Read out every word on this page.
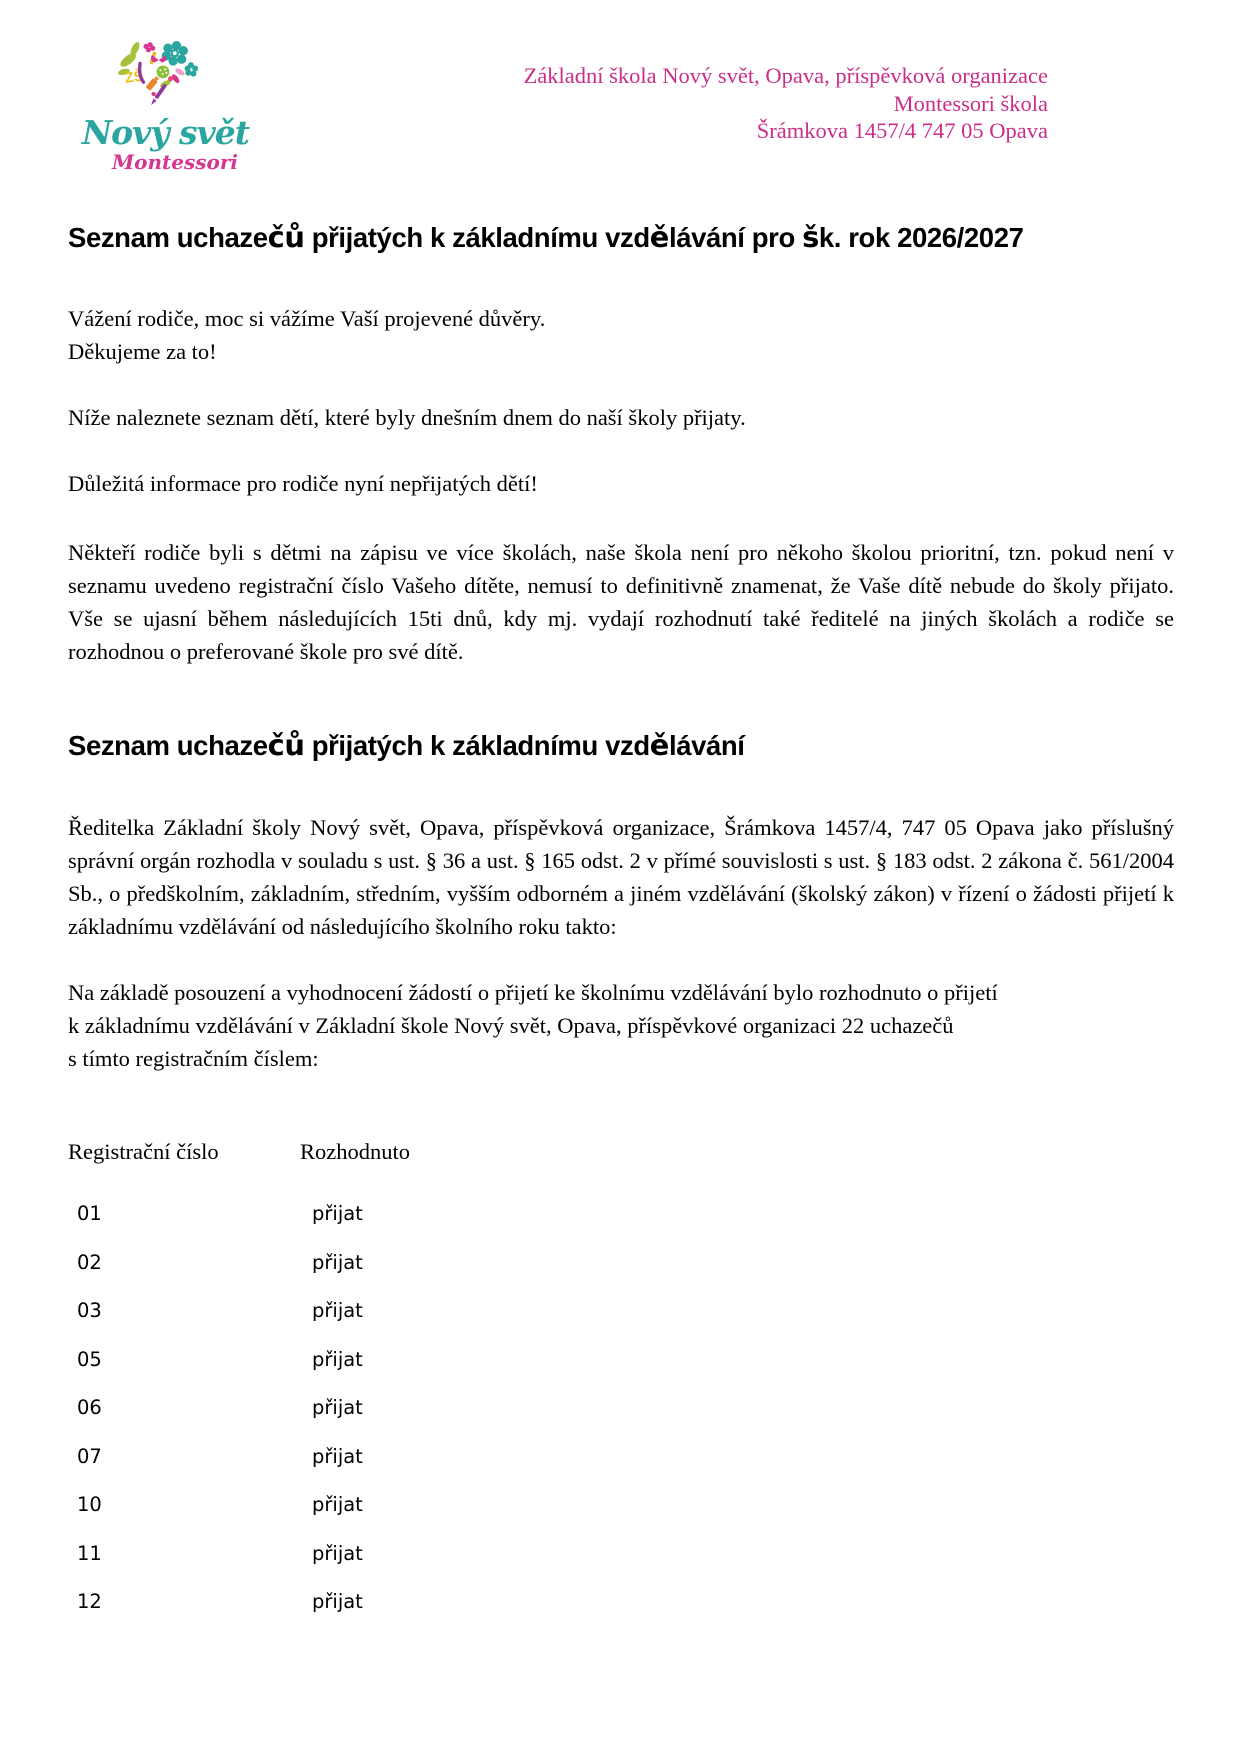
ZŠ
Nový svět
Montessori
Základní škola Nový svět, Opava, příspěvková organizace
Montessori škola
Šrámkova 1457/4 747 05 Opava
Seznam uchazečů přijatých k základnímu vzdělávání pro šk. rok 2026/2027
Vážení rodiče, moc si vážíme Vaší projevené důvěry.
Děkujeme za to!

Níže naleznete seznam dětí, které byly dnešním dnem do naší školy přijaty.

Důležitá informace pro rodiče nyní nepřijatých dětí!

Někteří rodiče byli s dětmi na zápisu ve více školách, naše škola není pro někoho školou prioritní, tzn. pokud není v seznamu uvedeno registrační číslo Vašeho dítěte, nemusí to definitivně znamenat, že Vaše dítě nebude do školy přijato. Vše se ujasní během následujících 15ti dnů, kdy mj. vydají rozhodnutí také ředitelé na jiných školách a rodiče se rozhodnou o preferované škole pro své dítě.

Seznam uchazečů přijatých k základnímu vzdělávání

Ředitelka Základní školy Nový svět, Opava, příspěvková organizace, Šrámkova 1457/4, 747 05 Opava jako příslušný správní orgán rozhodla v souladu s ust. § 36 a ust. § 165 odst. 2 v přímé souvislosti s ust. § 183 odst. 2 zákona č. 561/2004 Sb., o předškolním, základním, středním, vyšším odborném a jiném vzdělávání (školský zákon) v řízení o žádosti přijetí k základnímu vzdělávání od následujícího školního roku takto:

Na základě posouzení a vyhodnocení žádostí o přijetí ke školnímu vzdělávání bylo rozhodnuto o přijetí
k základnímu vzdělávání v Základní škole Nový svět, Opava, příspěvkové organizaci 22 uchazečů
s tímto registračním číslem:
Registrační číslo	Rozhodnuto
01	přijat
02	přijat
03	přijat
05	přijat
06	přijat
07	přijat
10	přijat
11	přijat
12	přijat
